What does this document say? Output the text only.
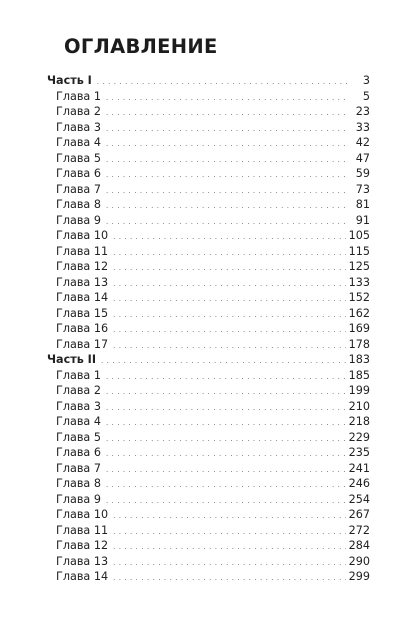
ОГЛАВЛЕНИЕ
Часть I . . .	3
Глава 1 . . .	5
Глава 2 . . .	23
Глава 3 . . .	33
Глава 4 . . .	42
Глава 5 . . .	47
Глава 6 . . .	59
Глава 7 . . .	73
Глава 8 . . .	81
Глава 9 . . .	91
Глава 10 . . .	105
Глава 11 . . .	115
Глава 12 . . .	125
Глава 13 . . .	133
Глава 14 . . .	152
Глава 15 . . .	162
Глава 16 . . .	169
Глава 17 . . .	178
Часть II . . .	183
Глава 1 . . .	185
Глава 2 . . .	199
Глава 3 . . .	210
Глава 4 . . .	218
Глава 5 . . .	229
Глава 6 . . .	235
Глава 7 . . .	241
Глава 8 . . .	246
Глава 9 . . .	254
Глава 10 . . .	267
Глава 11 . . .	272
Глава 12 . . .	284
Глава 13 . . .	290
Глава 14 . . .	299
